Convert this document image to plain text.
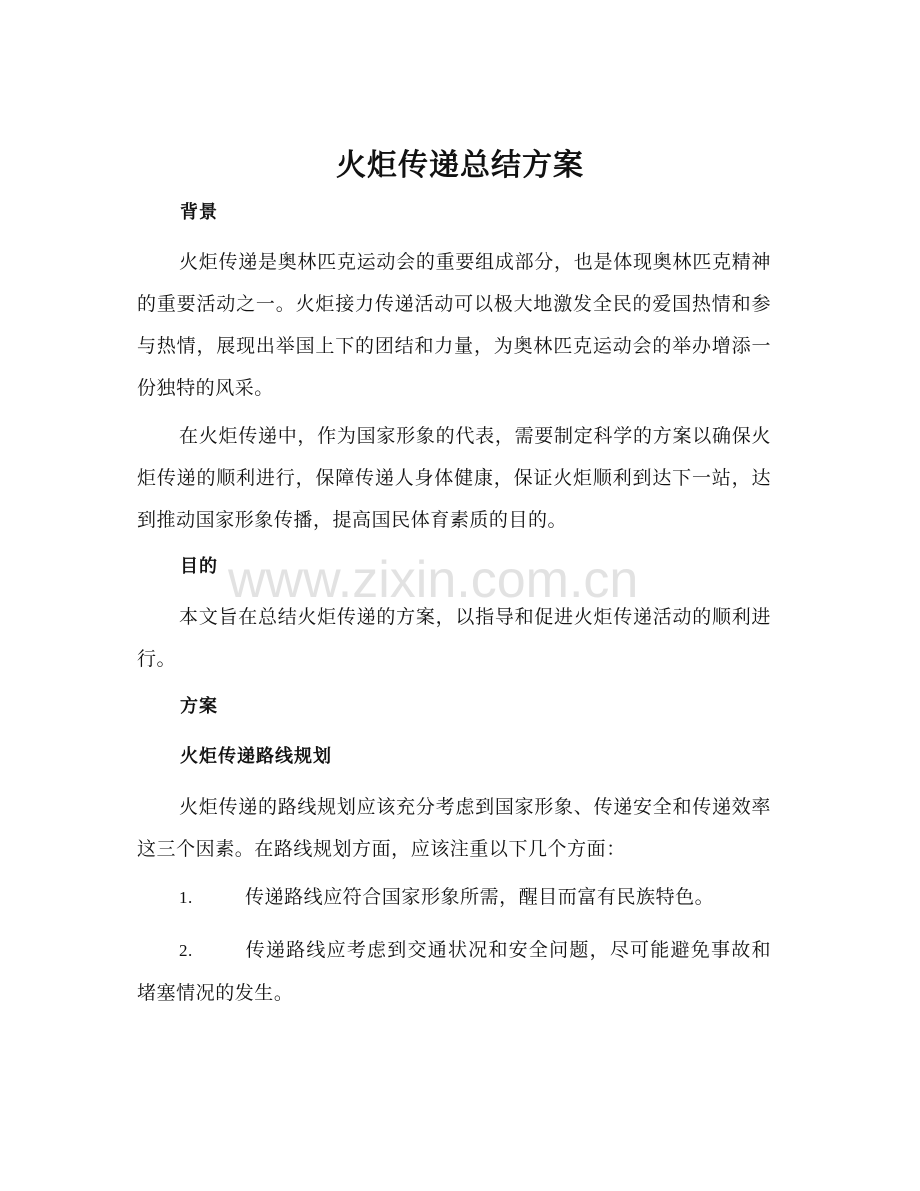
火炬传递总结方案
背景
火炬传递是奥林匹克运动会的重要组成部分，也是体现奥林匹克精神的重要活动之一。火炬接力传递活动可以极大地激发全民的爱国热情和参与热情，展现出举国上下的团结和力量，为奥林匹克运动会的举办增添一份独特的风采。
在火炬传递中，作为国家形象的代表，需要制定科学的方案以确保火炬传递的顺利进行，保障传递人身体健康，保证火炬顺利到达下一站，达到推动国家形象传播，提高国民体育素质的目的。
目的
本文旨在总结火炬传递的方案，以指导和促进火炬传递活动的顺利进行。
方案
火炬传递路线规划
火炬传递的路线规划应该充分考虑到国家形象、传递安全和传递效率这三个因素。在路线规划方面，应该注重以下几个方面：
1.	传递路线应符合国家形象所需，醒目而富有民族特色。
2.	传递路线应考虑到交通状况和安全问题，尽可能避免事故和堵塞情况的发生。
www.zixin.com.cn
